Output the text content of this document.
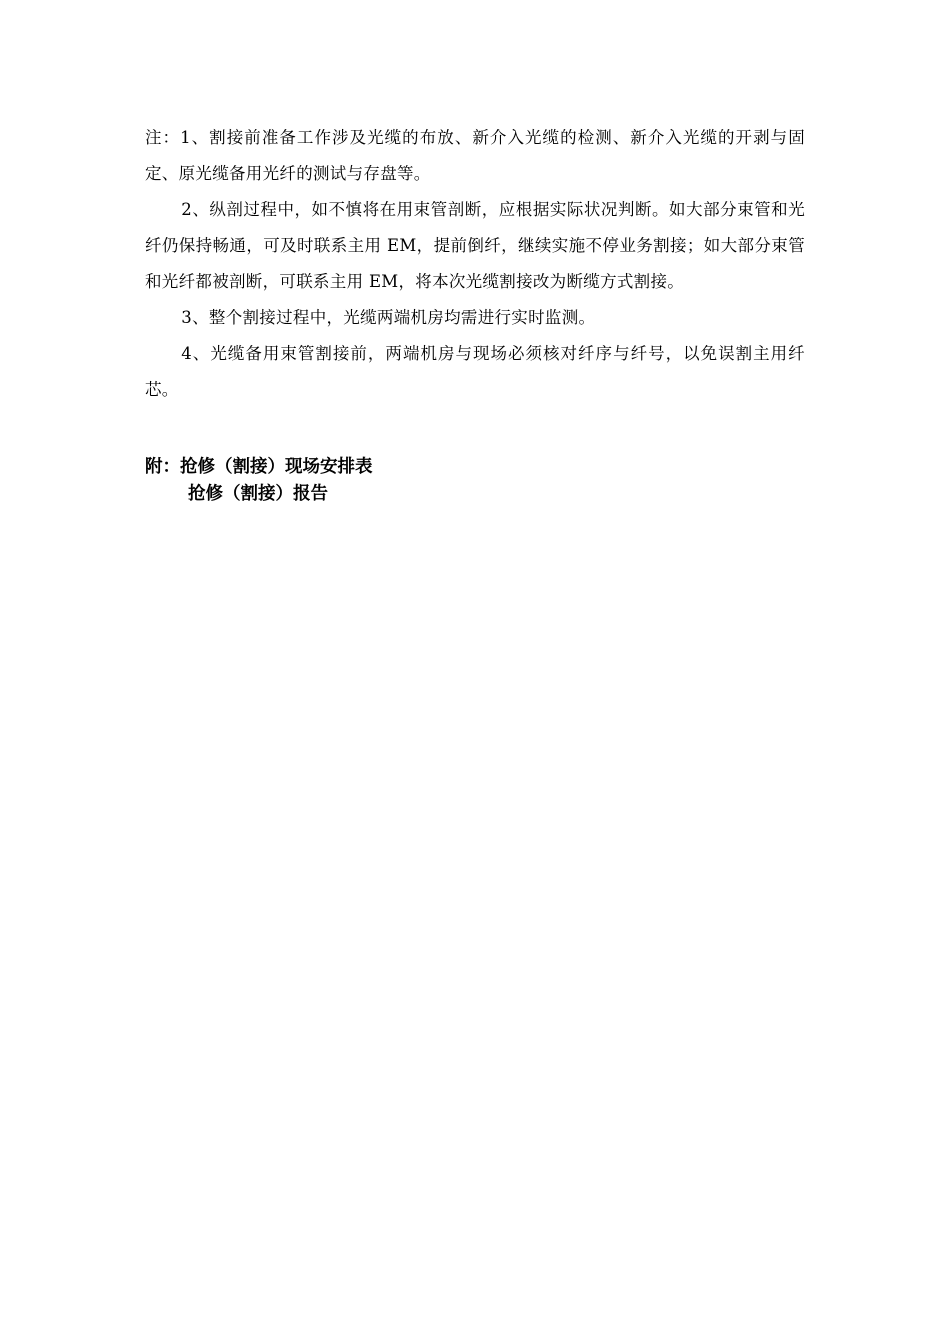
注：1、割接前准备工作涉及光缆的布放、新介入光缆的检测、新介入光缆的开剥与固定、原光缆备用光纤的测试与存盘等。

2、纵剖过程中，如不慎将在用束管剖断，应根据实际状况判断。如大部分束管和光纤仍保持畅通，可及时联系主用 EM，提前倒纤，继续实施不停业务割接；如大部分束管和光纤都被剖断，可联系主用 EM，将本次光缆割接改为断缆方式割接。

3、整个割接过程中，光缆两端机房均需进行实时监测。

4、光缆备用束管割接前，两端机房与现场必须核对纤序与纤号，以免误割主用纤芯。

附：抢修（割接）现场安排表
抢修（割接）报告
